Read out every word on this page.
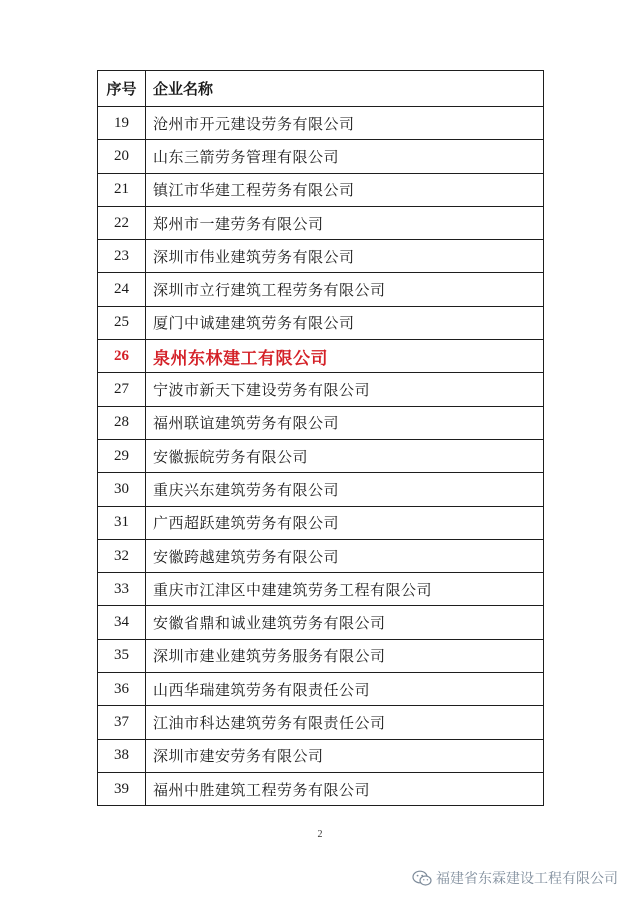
序号	企业名称
19	沧州市开元建设劳务有限公司
20	山东三箭劳务管理有限公司
21	镇江市华建工程劳务有限公司
22	郑州市一建劳务有限公司
23	深圳市伟业建筑劳务有限公司
24	深圳市立行建筑工程劳务有限公司
25	厦门中诚建建筑劳务有限公司
26	泉州东林建工有限公司
27	宁波市新天下建设劳务有限公司
28	福州联谊建筑劳务有限公司
29	安徽振皖劳务有限公司
30	重庆兴东建筑劳务有限公司
31	广西超跃建筑劳务有限公司
32	安徽跨越建筑劳务有限公司
33	重庆市江津区中建建筑劳务工程有限公司
34	安徽省鼎和诚业建筑劳务有限公司
35	深圳市建业建筑劳务服务有限公司
36	山西华瑞建筑劳务有限责任公司
37	江油市科达建筑劳务有限责任公司
38	深圳市建安劳务有限公司
39	福州中胜建筑工程劳务有限公司
2
福建省东霖建设工程有限公司
